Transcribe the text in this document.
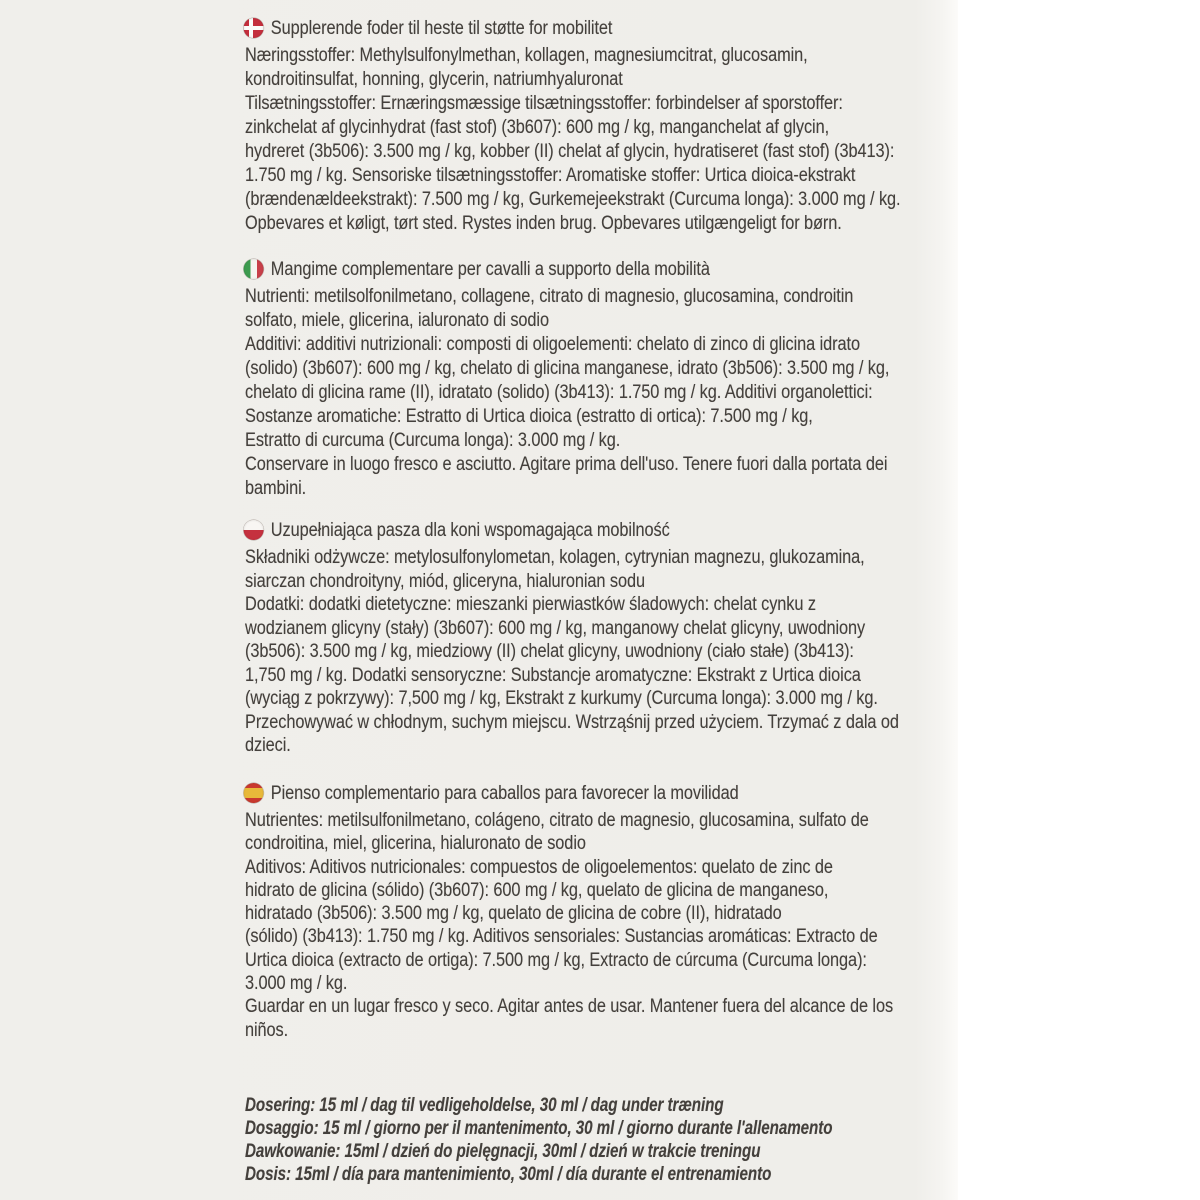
Supplerende foder til heste til støtte for mobilitet
Næringsstoffer: Methylsulfonylmethan, kollagen, magnesiumcitrat, glucosamin,
kondroitinsulfat, honning, glycerin, natriumhyaluronat
Tilsætningsstoffer: Ernæringsmæssige tilsætningsstoffer: forbindelser af sporstoffer:
zinkchelat af glycinhydrat (fast stof) (3b607): 600 mg / kg, manganchelat af glycin,
hydreret (3b506): 3.500 mg / kg, kobber (II) chelat af glycin, hydratiseret (fast stof) (3b413):
1.750 mg / kg. Sensoriske tilsætningsstoffer: Aromatiske stoffer: Urtica dioica-ekstrakt
(brændenældeekstrakt): 7.500 mg / kg, Gurkemejeekstrakt (Curcuma longa): 3.000 mg / kg.
Opbevares et køligt, tørt sted. Rystes inden brug. Opbevares utilgængeligt for børn.
Mangime complementare per cavalli a supporto della mobilità
Nutrienti: metilsolfonilmetano, collagene, citrato di magnesio, glucosamina, condroitin
solfato, miele, glicerina, ialuronato di sodio
Additivi: additivi nutrizionali: composti di oligoelementi: chelato di zinco di glicina idrato
(solido) (3b607): 600 mg / kg, chelato di glicina manganese, idrato (3b506): 3.500 mg / kg,
chelato di glicina rame (II), idratato (solido) (3b413): 1.750 mg / kg. Additivi organolettici:
Sostanze aromatiche: Estratto di Urtica dioica (estratto di ortica): 7.500 mg / kg,
Estratto di curcuma (Curcuma longa): 3.000 mg / kg.
Conservare in luogo fresco e asciutto. Agitare prima dell'uso. Tenere fuori dalla portata dei
bambini.
Uzupełniająca pasza dla koni wspomagająca mobilność
Składniki odżywcze: metylosulfonylometan, kolagen, cytrynian magnezu, glukozamina,
siarczan chondroityny, miód, gliceryna, hialuronian sodu
Dodatki: dodatki dietetyczne: mieszanki pierwiastków śladowych: chelat cynku z
wodzianem glicyny (stały) (3b607): 600 mg / kg, manganowy chelat glicyny, uwodniony
(3b506): 3.500 mg / kg, miedziowy (II) chelat glicyny, uwodniony (ciało stałe) (3b413):
1,750 mg / kg. Dodatki sensoryczne: Substancje aromatyczne: Ekstrakt z Urtica dioica
(wyciąg z pokrzywy): 7,500 mg / kg, Ekstrakt z kurkumy (Curcuma longa): 3.000 mg / kg.
Przechowywać w chłodnym, suchym miejscu. Wstrząśnij przed użyciem. Trzymać z dala od
dzieci.
Pienso complementario para caballos para favorecer la movilidad
Nutrientes: metilsulfonilmetano, colágeno, citrato de magnesio, glucosamina, sulfato de
condroitina, miel, glicerina, hialuronato de sodio
Aditivos: Aditivos nutricionales: compuestos de oligoelementos: quelato de zinc de
hidrato de glicina (sólido) (3b607): 600 mg / kg, quelato de glicina de manganeso,
hidratado (3b506): 3.500 mg / kg, quelato de glicina de cobre (II), hidratado
(sólido) (3b413): 1.750 mg / kg. Aditivos sensoriales: Sustancias aromáticas: Extracto de
Urtica dioica (extracto de ortiga): 7.500 mg / kg, Extracto de cúrcuma (Curcuma longa):
3.000 mg / kg.
Guardar en un lugar fresco y seco. Agitar antes de usar. Mantener fuera del alcance de los
niños.
Dosering: 15 ml / dag til vedligeholdelse, 30 ml / dag under træning
Dosaggio: 15 ml / giorno per il mantenimento, 30 ml / giorno durante l'allenamento
Dawkowanie: 15ml / dzień do pielęgnacji, 30ml / dzień w trakcie treningu
Dosis: 15ml / día para mantenimiento, 30ml / día durante el entrenamiento
